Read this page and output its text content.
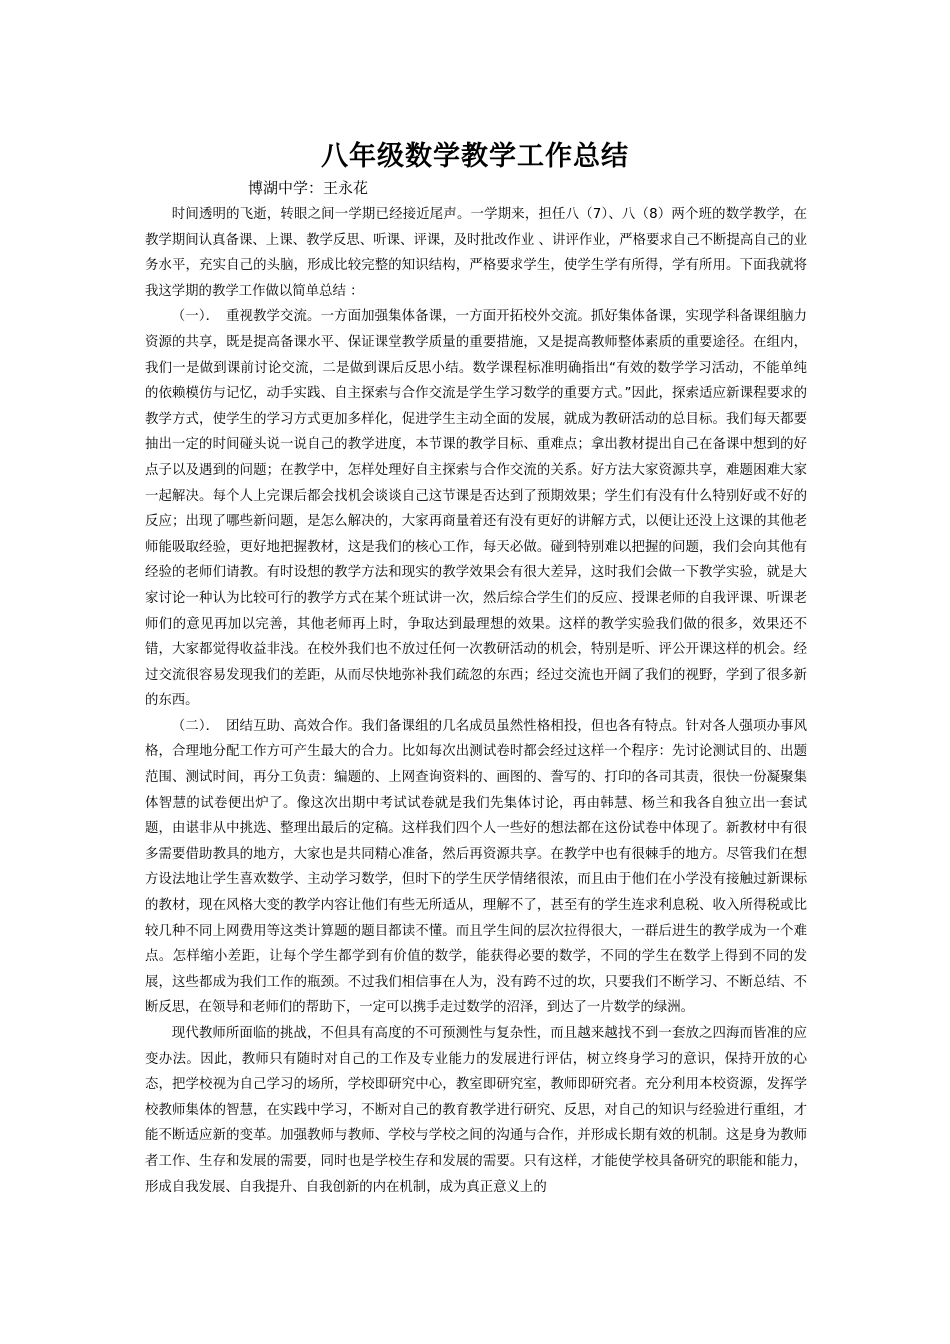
八年级数学教学工作总结
博湖中学：王永花

时间透明的飞逝，转眼之间一学期已经接近尾声。一学期来，担任八（7）、八（8）两个班的数学教学，在教学期间认真备课、上课、教学反思、听课、评课，及时批改作业 、讲评作业，严格要求自己不断提高自己的业务水平，充实自己的头脑，形成比较完整的知识结构，严格要求学生，使学生学有所得，学有所用。下面我就将我这学期的教学工作做以简单总结 ：

（一）．　重视教学交流。一方面加强集体备课，一方面开拓校外交流。抓好集体备课，实现学科备课组脑力资源的共享，既是提高备课水平、保证课堂教学质量的重要措施，又是提高教师整体素质的重要途径。在组内，我们一是做到课前讨论交流，二是做到课后反思小结。数学课程标准明确指出“有效的数学学习活动，不能单纯的依赖模仿与记忆，动手实践、自主探索与合作交流是学生学习数学的重要方式。”因此，探索适应新课程要求的教学方式，使学生的学习方式更加多样化，促进学生主动全面的发展，就成为教研活动的总目标。我们每天都要抽出一定的时间碰头说一说自己的教学进度，本节课的教学目标、重难点；拿出教材提出自己在备课中想到的好点子以及遇到的问题；在教学中，怎样处理好自主探索与合作交流的关系。好方法大家资源共享，难题困难大家一起解决。每个人上完课后都会找机会谈谈自己这节课是否达到了预期效果；学生们有没有什么特别好或不好的反应；出现了哪些新问题，是怎么解决的，大家再商量着还有没有更好的讲解方式，以便让还没上这课的其他老师能吸取经验，更好地把握教材，这是我们的核心工作，每天必做。碰到特别难以把握的问题，我们会向其他有经验的老师们请教。有时设想的教学方法和现实的教学效果会有很大差异，这时我们会做一下教学实验，就是大家讨论一种认为比较可行的教学方式在某个班试讲一次，然后综合学生们的反应、授课老师的自我评课、听课老师们的意见再加以完善，其他老师再上时，争取达到最理想的效果。这样的教学实验我们做的很多，效果还不错，大家都觉得收益非浅。在校外我们也不放过任何一次教研活动的机会，特别是听、评公开课这样的机会。经过交流很容易发现我们的差距，从而尽快地弥补我们疏忽的东西；经过交流也开阔了我们的视野，学到了很多新的东西。

（二）．　团结互助、高效合作。我们备课组的几名成员虽然性格相投，但也各有特点。针对各人强项办事风格，合理地分配工作方可产生最大的合力。比如每次出测试卷时都会经过这样一个程序：先讨论测试目的、出题范围、测试时间，再分工负责：编题的、上网查询资料的、画图的、誊写的、打印的各司其责，很快一份凝聚集体智慧的试卷便出炉了。像这次出期中考试试卷就是我们先集体讨论，再由韩慧、杨兰和我各自独立出一套试题，由谌非从中挑选、整理出最后的定稿。这样我们四个人一些好的想法都在这份试卷中体现了。新教材中有很多需要借助教具的地方，大家也是共同精心准备，然后再资源共享。在教学中也有很棘手的地方。尽管我们在想方设法地让学生喜欢数学、主动学习数学，但时下的学生厌学情绪很浓，而且由于他们在小学没有接触过新课标的教材，现在风格大变的教学内容让他们有些无所适从，理解不了，甚至有的学生连求利息税、收入所得税或比较几种不同上网费用等这类计算题的题目都读不懂。而且学生间的层次拉得很大，一群后进生的教学成为一个难点。怎样缩小差距，让每个学生都学到有价值的数学，能获得必要的数学，不同的学生在数学上得到不同的发展，这些都成为我们工作的瓶颈。不过我们相信事在人为，没有跨不过的坎，只要我们不断学习、不断总结、不断反思，在领导和老师们的帮助下，一定可以携手走过数学的沼泽，到达了一片数学的绿洲。

现代教师所面临的挑战，不但具有高度的不可预测性与复杂性，而且越来越找不到一套放之四海而皆准的应变办法。因此，教师只有随时对自己的工作及专业能力的发展进行评估，树立终身学习的意识，保持开放的心态，把学校视为自己学习的场所，学校即研究中心，教室即研究室，教师即研究者。充分利用本校资源，发挥学校教师集体的智慧，在实践中学习，不断对自己的教育教学进行研究、反思，对自己的知识与经验进行重组，才能不断适应新的变革。加强教师与教师、学校与学校之间的沟通与合作，并形成长期有效的机制。这是身为教师者工作、生存和发展的需要，同时也是学校生存和发展的需要。只有这样，才能使学校具备研究的职能和能力，形成自我发展、自我提升、自我创新的内在机制，成为真正意义上的
